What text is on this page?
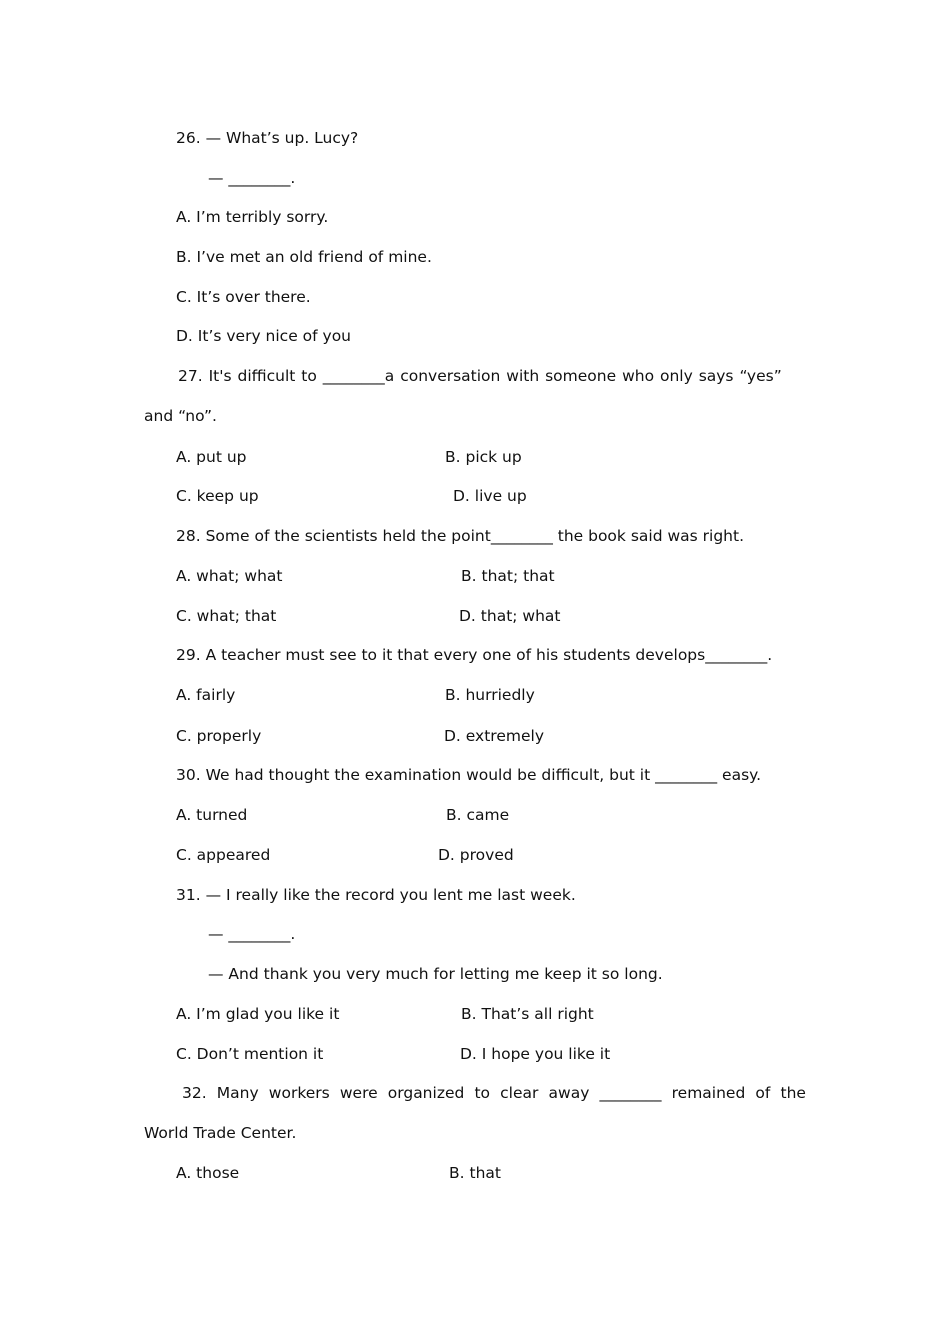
26. — What’s up. Lucy?
— ________.
A. I’m terribly sorry.
B. I’ve met an old friend of mine.
C. It’s over there.
D. It’s very nice of you
27. It's difficult to ________a conversation with someone who only says “yes”
and “no”.
A. put up	B. pick up
C. keep up	D. live up
28. Some of the scientists held the point________ the book said was right.
A. what; what	B. that; that
C. what; that	D. that; what
29. A teacher must see to it that every one of his students develops________.
A. fairly	B. hurriedly
C. properly	D. extremely
30. We had thought the examination would be difficult, but it ________ easy.
A. turned	B. came
C. appeared	D. proved
31. — I really like the record you lent me last week.
— ________.
— And thank you very much for letting me keep it so long.
A. I’m glad you like it	B. That’s all right
C. Don’t mention it	D. I hope you like it
32. Many workers were organized to clear away ________ remained of the
World Trade Center.
A. those	B. that
